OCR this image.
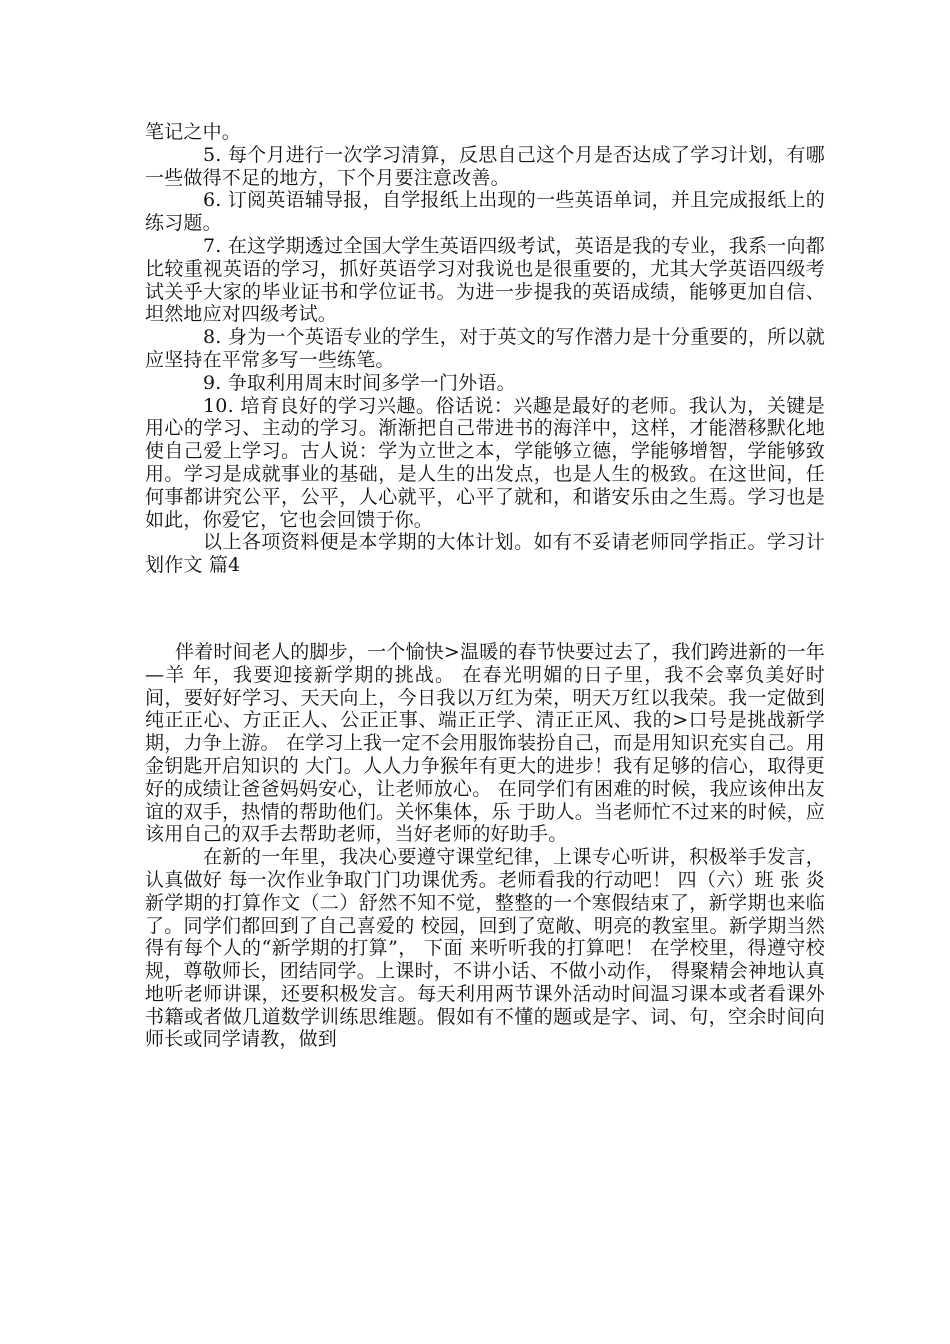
笔记之中。

5. 每个月进行一次学习清算，反思自己这个月是否达成了学习计划，有哪一些做得不足的地方，下个月要注意改善。

6. 订阅英语辅导报，自学报纸上出现的一些英语单词，并且完成报纸上的练习题。

7. 在这学期透过全国大学生英语四级考试，英语是我的专业，我系一向都比较重视英语的学习，抓好英语学习对我说也是很重要的，尤其大学英语四级考试关乎大家的毕业证书和学位证书。为进一步提我的英语成绩，能够更加自信、坦然地应对四级考试。

8. 身为一个英语专业的学生，对于英文的写作潜力是十分重要的，所以就应坚持在平常多写一些练笔。

9. 争取利用周末时间多学一门外语。

10. 培育良好的学习兴趣。俗话说：兴趣是最好的老师。我认为，关键是用心的学习、主动的学习。渐渐把自己带进书的海洋中，这样，才能潜移默化地使自己爱上学习。古人说：学为立世之本，学能够立德，学能够增智，学能够致用。学习是成就事业的基础，是人生的出发点，也是人生的极致。在这世间，任何事都讲究公平，公平，人心就平，心平了就和，和谐安乐由之生焉。学习也是如此，你爱它，它也会回馈于你。

以上各项资料便是本学期的大体计划。如有不妥请老师同学指正。学习计划作文 篇4

伴着时间老人的脚步，一个愉快>温暖的春节快要过去了，我们跨进新的一年—羊 年，我要迎接新学期的挑战。 在春光明媚的日子里，我不会辜负美好时间，要好好学习、天天向上，今日我以万红为荣，明天万红以我荣。我一定做到纯正正心、方正正人、公正正事、端正正学、清正正风、我的>口号是挑战新学期，力争上游。 在学习上我一定不会用服饰装扮自己，而是用知识充实自己。用金钥匙开启知识的 大门。人人力争猴年有更大的进步！我有足够的信心，取得更好的成绩让爸爸妈妈安心，让老师放心。 在同学们有困难的时候，我应该伸出友谊的双手，热情的帮助他们。关怀集体，乐 于助人。当老师忙不过来的时候，应该用自己的双手去帮助老师，当好老师的好助手。

在新的一年里，我决心要遵守课堂纪律，上课专心听讲，积极举手发言，认真做好 每一次作业争取门门功课优秀。老师看我的行动吧！ 四（六）班 张 炎新学期的打算作文（二）舒然不知不觉，整整的一个寒假结束了，新学期也来临了。同学们都回到了自己喜爱的 校园，回到了宽敞、明亮的教室里。新学期当然得有每个人的“新学期的打算”， 下面 来听听我的打算吧！ 在学校里，得遵守校规，尊敬师长，团结同学。上课时，不讲小话、不做小动作， 得聚精会神地认真地听老师讲课，还要积极发言。每天利用两节课外活动时间温习课本或者看课外书籍或者做几道数学训练思维题。假如有不懂的题或是字、词、句，空余时间向师长或同学请教，做到
